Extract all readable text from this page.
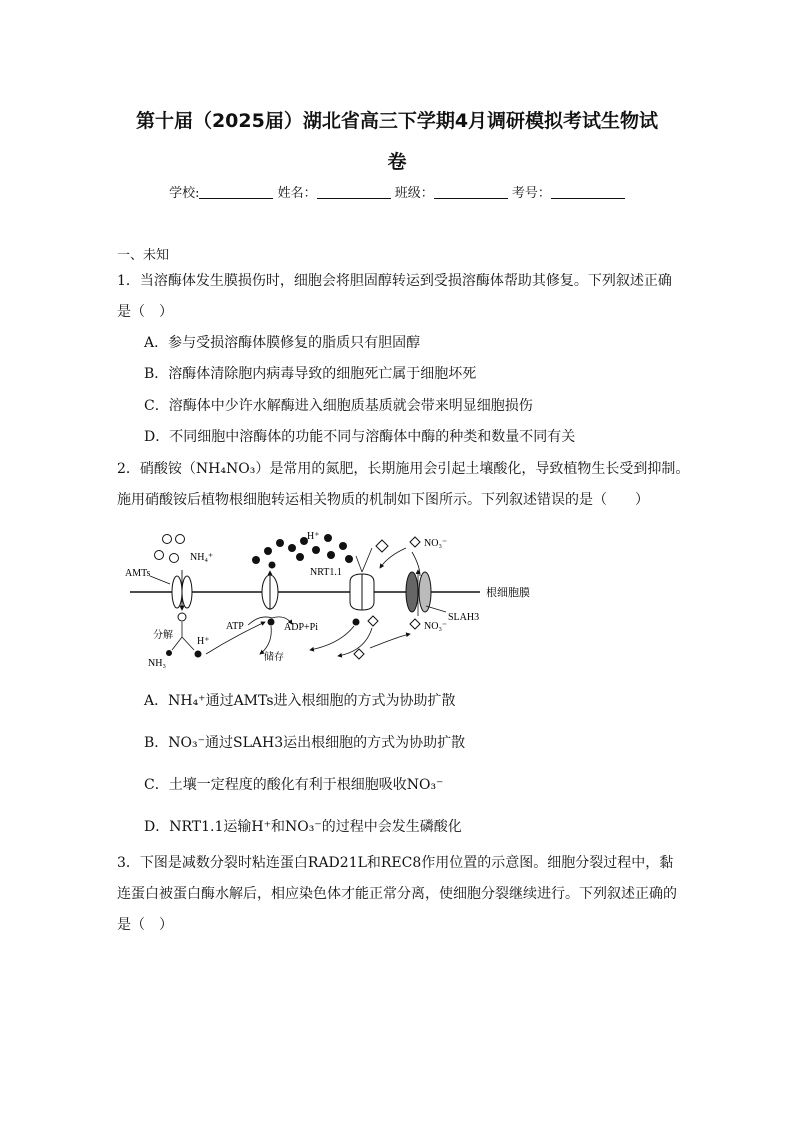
第十届（2025届）湖北省高三下学期4月调研模拟考试生物试
卷
学校:	姓名：	班级：	考号：
一、未知
1．当溶酶体发生膜损伤时，细胞会将胆固醇转运到受损溶酶体帮助其修复。下列叙述正确
是（　）
A．参与受损溶酶体膜修复的脂质只有胆固醇
B．溶酶体清除胞内病毒导致的细胞死亡属于细胞坏死
C．溶酶体中少许水解酶进入细胞质基质就会带来明显细胞损伤
D．不同细胞中溶酶体的功能不同与溶酶体中酶的种类和数量不同有关
2．硝酸铵（NH₄NO₃）是常用的氮肥，长期施用会引起土壤酸化，导致植物生长受到抑制。
施用硝酸铵后植物根细胞转运相关物质的机制如下图所示。下列叙述错误的是（　　）
根细胞膜
NH₄⁺
AMTs
分解
H⁺
NH₃
H⁺
ATP	ADP+Pi
储存
NRT1.1
NO₃⁻
SLAH3
NO₃⁻
A．NH₄⁺通过AMTs进入根细胞的方式为协助扩散
B．NO₃⁻通过SLAH3运出根细胞的方式为协助扩散
C．土壤一定程度的酸化有利于根细胞吸收NO₃⁻
D．NRT1.1运输H⁺和NO₃⁻的过程中会发生磷酸化
3．下图是减数分裂时粘连蛋白RAD21L和REC8作用位置的示意图。细胞分裂过程中，黏
连蛋白被蛋白酶水解后，相应染色体才能正常分离，使细胞分裂继续进行。下列叙述正确的
是（　）
